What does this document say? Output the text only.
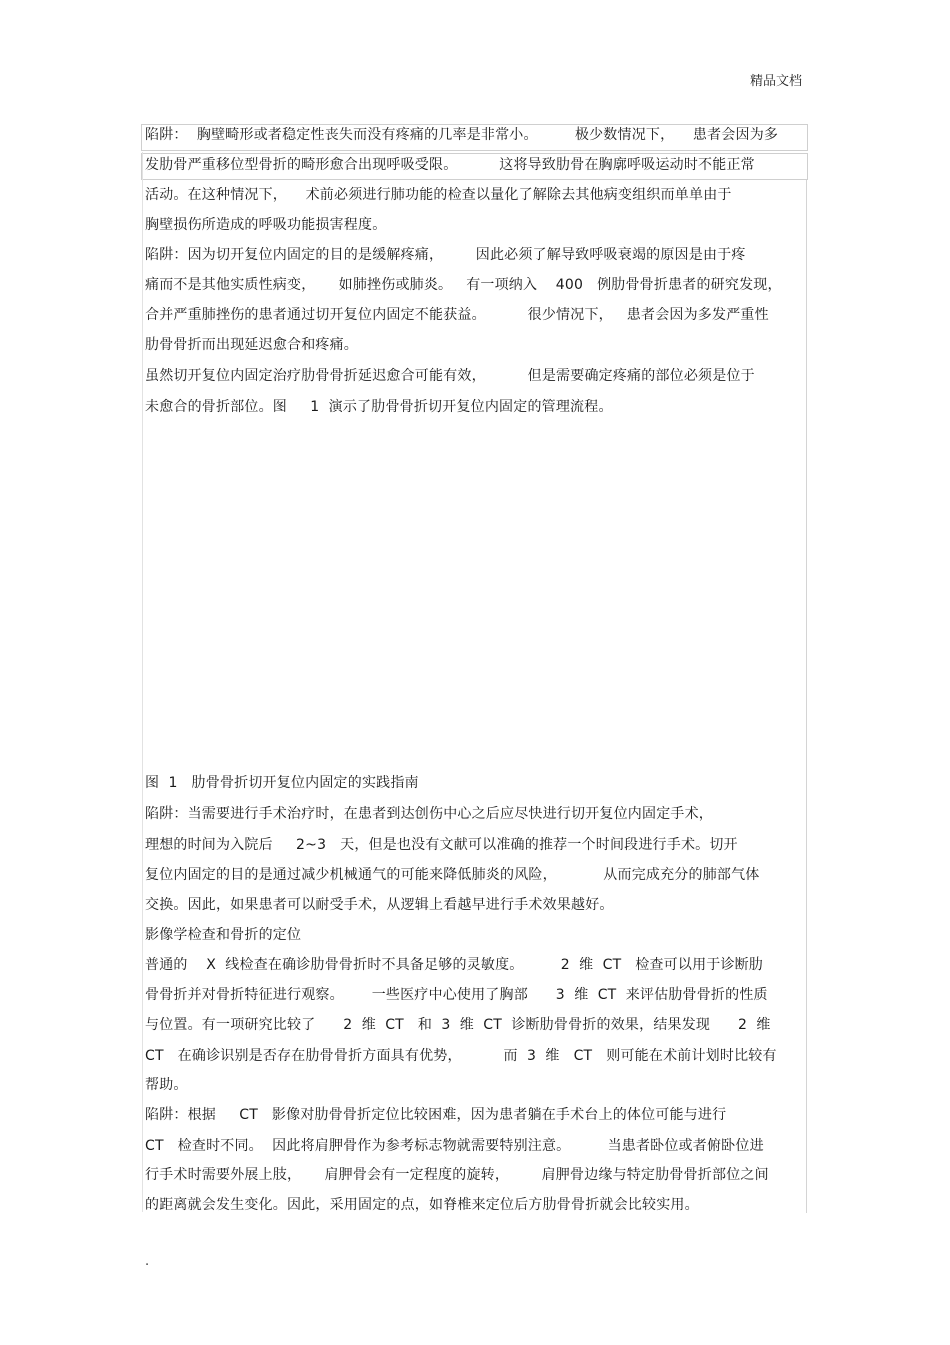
精品文档
陷阱：  胸壁畸形或者稳定性丧失而没有疼痛的几率是非常小。        极少数情况下，    患者会因为多
发肋骨严重移位型骨折的畸形愈合出现呼吸受限。         这将导致肋骨在胸廓呼吸运动时不能正常
活动。在这种情况下，    术前必须进行肺功能的检查以量化了解除去其他病变组织而单单由于
胸壁损伤所造成的呼吸功能损害程度。
陷阱：因为切开复位内固定的目的是缓解疼痛，       因此必须了解导致呼吸衰竭的原因是由于疼
痛而不是其他实质性病变，     如肺挫伤或肺炎。   有一项纳入    400   例肋骨骨折患者的研究发现，
合并严重肺挫伤的患者通过切开复位内固定不能获益。         很少情况下，   患者会因为多发严重性
肋骨骨折而出现延迟愈合和疼痛。
虽然切开复位内固定治疗肋骨骨折延迟愈合可能有效，         但是需要确定疼痛的部位必须是位于
未愈合的骨折部位。图     1  演示了肋骨骨折切开复位内固定的管理流程。
图  1   肋骨骨折切开复位内固定的实践指南
陷阱：当需要进行手术治疗时，在患者到达创伤中心之后应尽快进行切开复位内固定手术，
理想的时间为入院后     2~3   天，但是也没有文献可以准确的推荐一个时间段进行手术。切开
复位内固定的目的是通过减少机械通气的可能来降低肺炎的风险，          从而完成充分的肺部气体
交换。因此，如果患者可以耐受手术，从逻辑上看越早进行手术效果越好。
影像学检查和骨折的定位
普通的    X  线检查在确诊肋骨骨折时不具备足够的灵敏度。        2  维  CT   检查可以用于诊断肋
骨骨折并对骨折特征进行观察。      一些医疗中心使用了胸部      3  维  CT  来评估肋骨骨折的性质
与位置。有一项研究比较了      2  维  CT   和  3  维  CT  诊断肋骨骨折的效果，结果发现      2  维
CT   在确诊识别是否存在肋骨骨折方面具有优势，         而  3  维   CT   则可能在术前计划时比较有
帮助。
陷阱：根据     CT   影像对肋骨骨折定位比较困难，因为患者躺在手术台上的体位可能与进行
CT   检查时不同。  因此将肩胛骨作为参考标志物就需要特别注意。        当患者卧位或者俯卧位进
行手术时需要外展上肢，     肩胛骨会有一定程度的旋转，       肩胛骨边缘与特定肋骨骨折部位之间
的距离就会发生变化。因此，采用固定的点，如脊椎来定位后方肋骨骨折就会比较实用。
.
